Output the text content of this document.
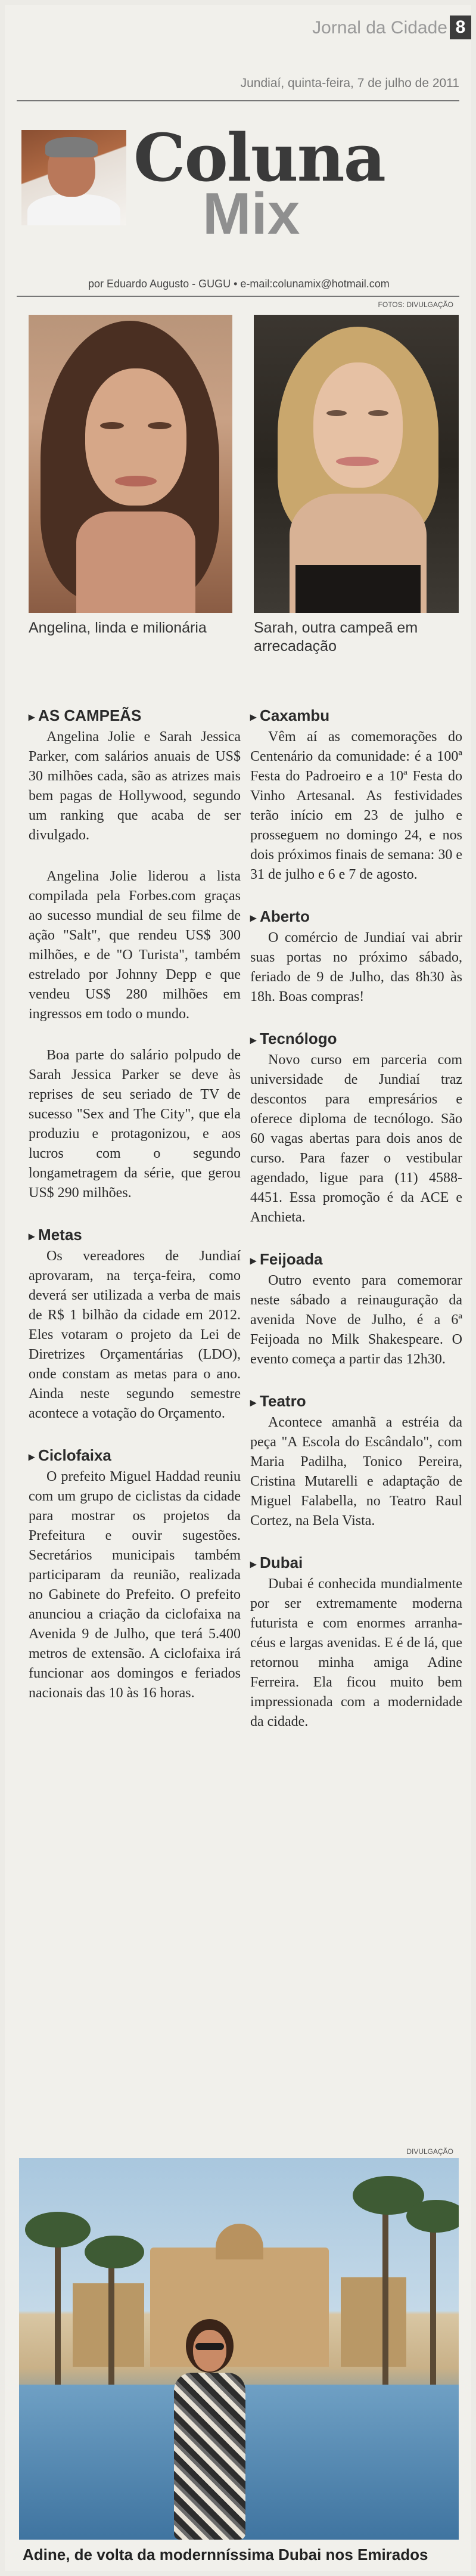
Jornal da Cidade 8
Jundiaí, quinta-feira, 7 de julho de 2011
Coluna
Mix
por Eduardo Augusto - GUGU • e-mail:colunamix@hotmail.com
FOTOS: DIVULGAÇÃO
Angelina, linda e milionária	Sarah, outra campeã em arrecadação
▸ AS CAMPEÃS

Angelina Jolie e Sarah Jessica Parker, com salários anuais de US$ 30 milhões cada, são as atrizes mais bem pagas de Hollywood, segundo um ranking que acaba de ser divulgado.

Angelina Jolie liderou a lista compilada pela Forbes.com graças ao sucesso mundial de seu filme de ação "Salt", que rendeu US$ 300 milhões, e de "O Turista", também estrelado por Johnny Depp e que vendeu US$ 280 milhões em ingressos em todo o mundo.

Boa parte do salário polpudo de Sarah Jessica Parker se deve às reprises de seu seriado de TV de sucesso "Sex and The City", que ela produziu e protagonizou, e aos lucros com o segundo longametragem da série, que gerou US$ 290 milhões.

▸ Metas

Os vereadores de Jundiaí aprovaram, na terça-feira, como deverá ser utilizada a verba de mais de R$ 1 bilhão da cidade em 2012. Eles votaram o projeto da Lei de Diretrizes Orçamentárias (LDO), onde constam as metas para o ano. Ainda neste segundo semestre acontece a votação do Orçamento.

▸ Ciclofaixa

O prefeito Miguel Haddad reuniu com um grupo de ciclistas da cidade para mostrar os projetos da Prefeitura e ouvir sugestões. Secretários municipais também participaram da reunião, realizada no Gabinete do Prefeito. O prefeito anunciou a criação da ciclofaixa na Avenida 9 de Julho, que terá 5.400 metros de extensão. A ciclofaixa irá funcionar aos domingos e feriados nacionais das 10 às 16 horas.

▸ Caxambu

Vêm aí as comemorações do Centenário da comunidade: é a 100ª Festa do Padroeiro e a 10ª Festa do Vinho Artesanal. As festividades terão início em 23 de julho e prosseguem no domingo 24, e nos dois próximos finais de semana: 30 e 31 de julho e 6 e 7 de agosto.

▸ Aberto

O comércio de Jundiaí vai abrir suas portas no próximo sábado, feriado de 9 de Julho, das 8h30 às 18h. Boas compras!

▸ Tecnólogo

Novo curso em parceria com universidade de Jundiaí traz descontos para empresários e oferece diploma de tecnólogo. São 60 vagas abertas para dois anos de curso. Para fazer o vestibular agendado, ligue para (11) 4588-4451. Essa promoção é da ACE e Anchieta.

▸ Feijoada

Outro evento para comemorar neste sábado a reinauguração da avenida Nove de Julho, é a 6ª Feijoada no Milk Shakespeare. O evento começa a partir das 12h30.

▸ Teatro

Acontece amanhã a estréia da peça "A Escola do Escândalo", com Maria Padilha, Tonico Pereira, Cristina Mutarelli e adaptação de Miguel Falabella, no Teatro Raul Cortez, na Bela Vista.

▸ Dubai

Dubai é conhecida mundialmente por ser extremamente moderna futurista e com enormes arranha-céus e largas avenidas. E é de lá, que retornou minha amiga Adine Ferreira. Ela ficou muito bem impressionada com a modernidade da cidade.

DIVULGAÇÃO
Adine, de volta da modernníssima Dubai nos Emirados
